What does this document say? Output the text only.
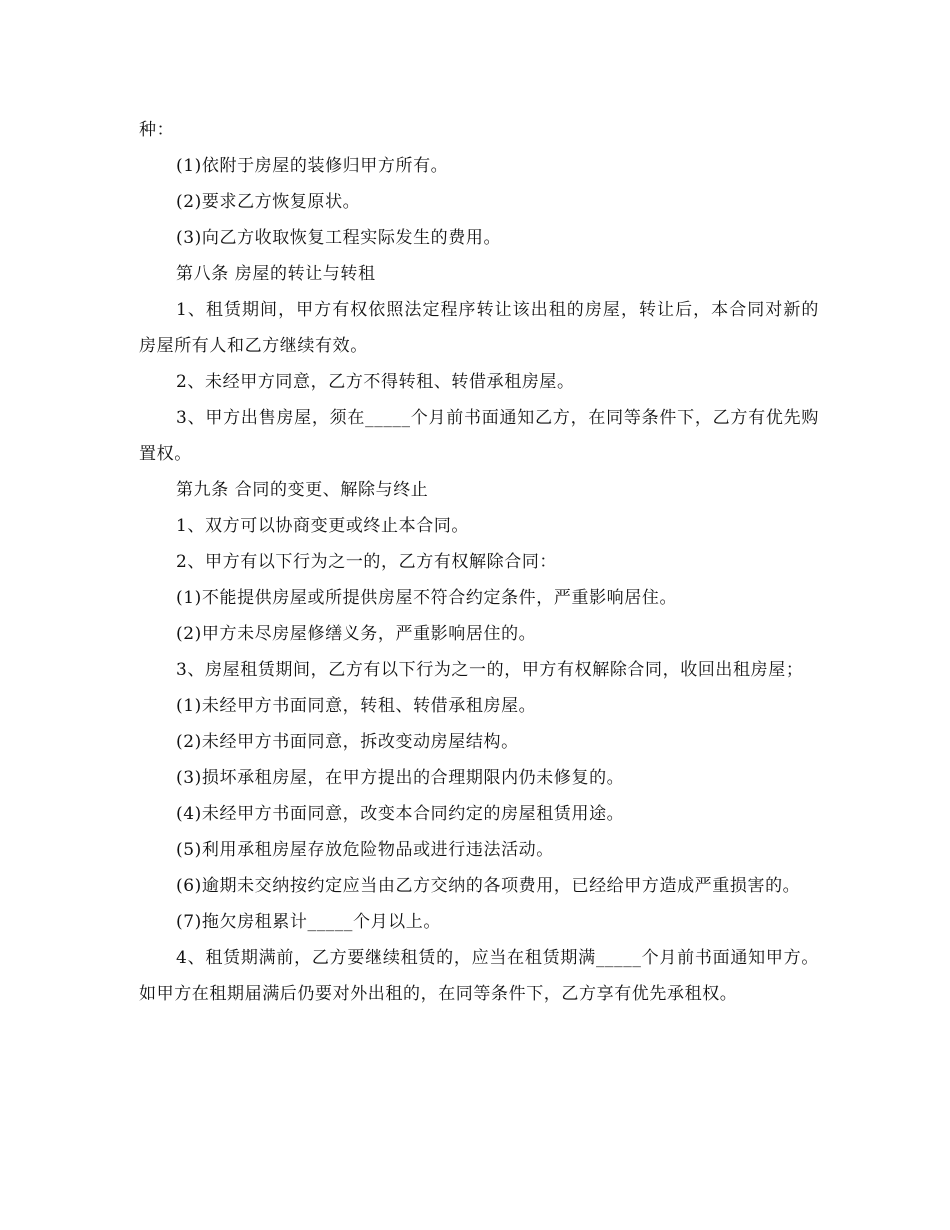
种：

(1)依附于房屋的装修归甲方所有。

(2)要求乙方恢复原状。

(3)向乙方收取恢复工程实际发生的费用。

第八条 房屋的转让与转租

1、租赁期间，甲方有权依照法定程序转让该出租的房屋，转让后，本合同对新的房屋所有人和乙方继续有效。

2、未经甲方同意，乙方不得转租、转借承租房屋。

3、甲方出售房屋，须在_____个月前书面通知乙方，在同等条件下，乙方有优先购置权。

第九条 合同的变更、解除与终止

1、双方可以协商变更或终止本合同。

2、甲方有以下行为之一的，乙方有权解除合同：

(1)不能提供房屋或所提供房屋不符合约定条件，严重影响居住。

(2)甲方未尽房屋修缮义务，严重影响居住的。

3、房屋租赁期间，乙方有以下行为之一的，甲方有权解除合同，收回出租房屋；

(1)未经甲方书面同意，转租、转借承租房屋。

(2)未经甲方书面同意，拆改变动房屋结构。

(3)损坏承租房屋，在甲方提出的合理期限内仍未修复的。

(4)未经甲方书面同意，改变本合同约定的房屋租赁用途。

(5)利用承租房屋存放危险物品或进行违法活动。

(6)逾期未交纳按约定应当由乙方交纳的各项费用，已经给甲方造成严重损害的。

(7)拖欠房租累计_____个月以上。

4、租赁期满前，乙方要继续租赁的，应当在租赁期满_____个月前书面通知甲方。如甲方在租期届满后仍要对外出租的，在同等条件下，乙方享有优先承租权。
